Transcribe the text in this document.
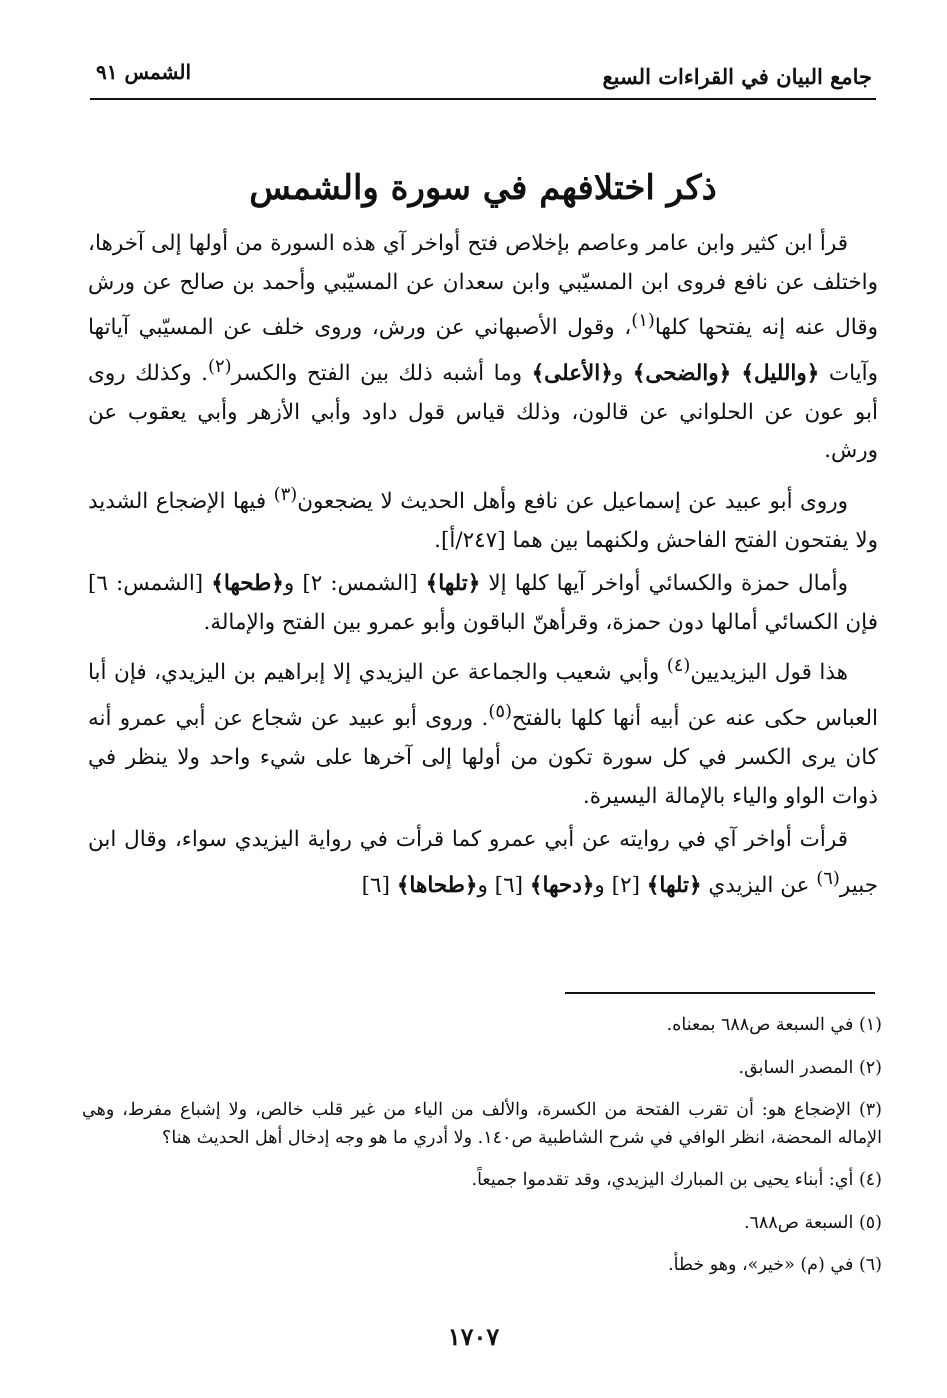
جامع البيان في القراءات السبع
الشمس ٩١
ذكر اختلافهم في سورة والشمس

قرأ ابن كثير وابن عامر وعاصم بإخلاص فتح أواخر آي هذه السورة من أولها إلى آخرها، واختلف عن نافع فروى ابن المسيّبي وابن سعدان عن المسيّبي وأحمد بن صالح عن ورش وقال عنه إنه يفتحها كلها$^{(١)}$، وقول الأصبهاني عن ورش، وروى خلف عن المسيّبي آياتها وآيات ﴿والليل﴾ ﴿والضحى﴾ و﴿الأعلى﴾ وما أشبه ذلك بين الفتح والكسر$^{(٢)}$. وكذلك روى أبو عون عن الحلواني عن قالون، وذلك قياس قول داود وأبي الأزهر وأبي يعقوب عن ورش.

وروى أبو عبيد عن إسماعيل عن نافع وأهل الحديث لا يضجعون$^{(٣)}$ فيها الإضجاع الشديد ولا يفتحون الفتح الفاحش ولكنهما بين هما [٢٤٧/أ].

وأمال حمزة والكسائي أواخر آيها كلها إلا ﴿تلها﴾ [الشمس: ٢] و﴿طحها﴾ [الشمس: ٦] فإن الكسائي أمالها دون حمزة، وقرأهنّ الباقون وأبو عمرو بين الفتح والإمالة.

هذا قول اليزيديين$^{(٤)}$ وأبي شعيب والجماعة عن اليزيدي إلا إبراهيم بن اليزيدي، فإن أبا العباس حكى عنه عن أبيه أنها كلها بالفتح$^{(٥)}$. وروى أبو عبيد عن شجاع عن أبي عمرو أنه كان يرى الكسر في كل سورة تكون من أولها إلى آخرها على شيء واحد ولا ينظر في ذوات الواو والياء بالإمالة اليسيرة.

قرأت أواخر آي في روايته عن أبي عمرو كما قرأت في رواية اليزيدي سواء، وقال ابن جبير$^{(٦)}$ عن اليزيدي ﴿تلها﴾ [٢] و﴿دحها﴾ [٦] و﴿طحاها﴾ [٦]

(١) في السبعة ص٦٨٨ بمعناه.
(٢) المصدر السابق.
(٣) الإضجاع هو: أن تقرب الفتحة من الكسرة، والألف من الياء من غير قلب خالص، ولا إشباع مفرط، وهي الإماله المحضة، انظر الوافي في شرح الشاطبية ص١٤٠. ولا أدري ما هو وجه إدخال أهل الحديث هنا؟
(٤) أي: أبناء يحيى بن المبارك اليزيدي، وقد تقدموا جميعاً.
(٥) السبعة ص٦٨٨.
(٦) في (م) «خير»، وهو خطأ.
١٧٠٧
